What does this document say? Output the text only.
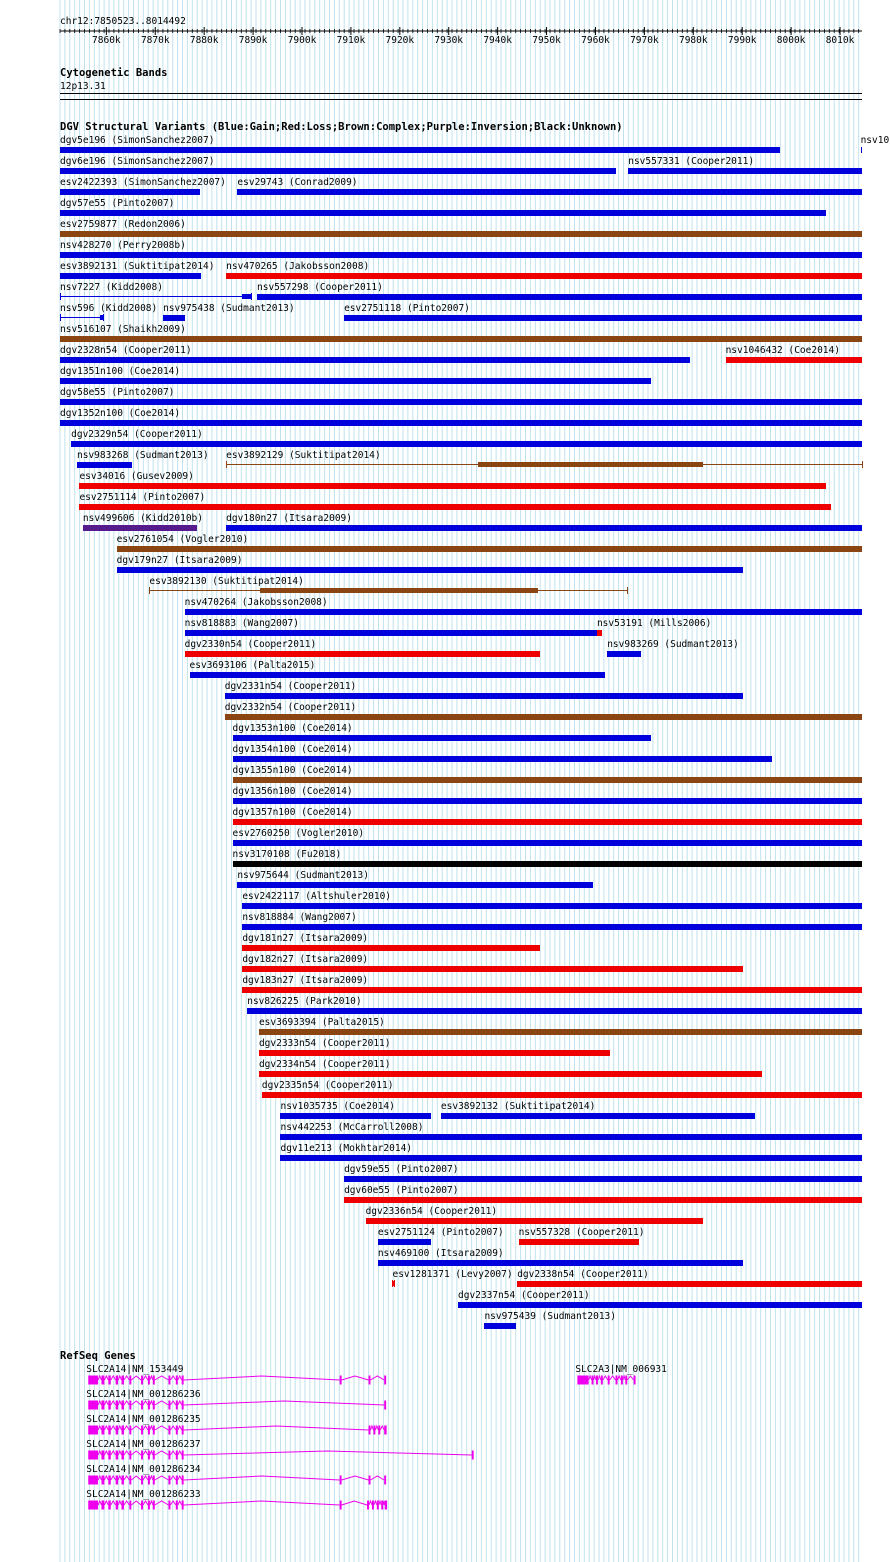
chr12:7850523..8014492
7860k 7870k 7880k 7890k 7900k 7910k 7920k 7930k 7940k 7950k 7960k 7970k 7980k 7990k 8000k 8010k
Cytogenetic Bands
12p13.31
DGV Structural Variants (Blue:Gain;Red:Loss;Brown:Complex;Purple:Inversion;Black:Unknown)
dgv5e196 (SimonSanchez2007)	nsv10
dgv6e196 (SimonSanchez2007)	nsv557331 (Cooper2011)
esv2422393 (SimonSanchez2007) esv29743 (Conrad2009)
dgv57e55 (Pinto2007)
esv2759877 (Redon2006)
nsv428270 (Perry2008b)
esv3892131 (Suktitipat2014) nsv470265 (Jakobsson2008)
nsv7227 (Kidd2008)	nsv557298 (Cooper2011)
nsv596 (Kidd2008) nsv975438 (Sudmant2013)	esv2751118 (Pinto2007)
nsv516107 (Shaikh2009)
dgv2328n54 (Cooper2011)	nsv1046432 (Coe2014)
dgv1351n100 (Coe2014)
dgv58e55 (Pinto2007)
dgv1352n100 (Coe2014)
dgv2329n54 (Cooper2011)
nsv983268 (Sudmant2013) esv3892129 (Suktitipat2014)
esv34016 (Gusev2009)
esv2751114 (Pinto2007)
nsv499606 (Kidd2010b) dgv180n27 (Itsara2009)
esv2761054 (Vogler2010)
dgv179n27 (Itsara2009)
esv3892130 (Suktitipat2014)
nsv470264 (Jakobsson2008)
nsv818883 (Wang2007)	nsv53191 (Mills2006)
dgv2330n54 (Cooper2011)	nsv983269 (Sudmant2013)
esv3693106 (Palta2015)
dgv2331n54 (Cooper2011)
dgv2332n54 (Cooper2011)
dgv1353n100 (Coe2014)
dgv1354n100 (Coe2014)
dgv1355n100 (Coe2014)
dgv1356n100 (Coe2014)
dgv1357n100 (Coe2014)
esv2760250 (Vogler2010)
nsv3170108 (Fu2018)
nsv975644 (Sudmant2013)
esv2422117 (Altshuler2010)
nsv818884 (Wang2007)
dgv181n27 (Itsara2009)
dgv182n27 (Itsara2009)
dgv183n27 (Itsara2009)
nsv826225 (Park2010)
esv3693394 (Palta2015)
dgv2333n54 (Cooper2011)
dgv2334n54 (Cooper2011)
dgv2335n54 (Cooper2011)
nsv1035735 (Coe2014)	esv3892132 (Suktitipat2014)
nsv442253 (McCarroll2008)
dgv11e213 (Mokhtar2014)
dgv59e55 (Pinto2007)
dgv60e55 (Pinto2007)
dgv2336n54 (Cooper2011)
esv2751124 (Pinto2007) nsv557328 (Cooper2011)
nsv469100 (Itsara2009)
esv1281371 (Levy2007) dgv2338n54 (Cooper2011)
dgv2337n54 (Cooper2011)
nsv975439 (Sudmant2013)
RefSeq Genes
SLC2A14|NM_153449	SLC2A3|NM_006931
SLC2A14|NM_001286236
SLC2A14|NM_001286235
SLC2A14|NM_001286237
SLC2A14|NM_001286234
SLC2A14|NM_001286233
